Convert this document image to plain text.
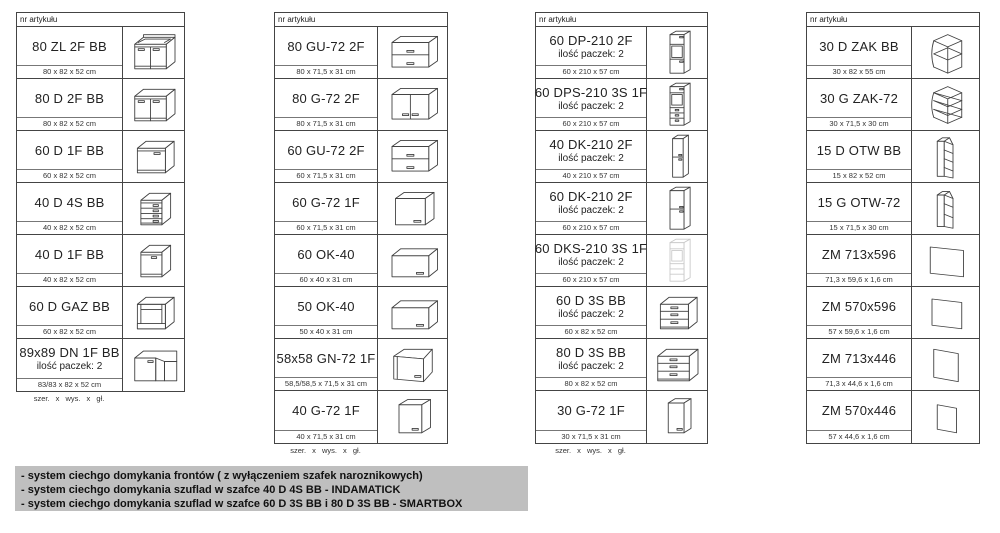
- system ciechgo domykania frontów ( z wyłączeniem szafek naroznikowych)
- system ciechgo domykania szuflad w szafce 40 D 4S BB - INDAMATICK
- system ciechgo domykania szuflad w szafce 60 D 3S BB i 80 D 3S BB - SMARTBOX
nr artykułu
80 ZL 2F BB
80 x 82 x 52 cm
80 D 2F BB
80 x 82 x 52 cm
60 D 1F BB
60 x 82 x 52 cm
40 D 4S BB
40 x 82 x 52 cm
40 D 1F BB
40 x 82 x 52 cm
60 D GAZ BB
60 x 82 x 52 cm
89x89 DN 1F BB
ilość paczek: 2
83/83 x 82 x 52 cm
szer. x wys. x gł.
nr artykułu
80 GU-72 2F
80 x 71,5 x 31 cm
80 G-72 2F
80 x 71,5 x 31 cm
60 GU-72 2F
60 x 71,5 x 31 cm
60 G-72 1F
60 x 71,5 x 31 cm
60 OK-40
60 x 40 x 31 cm
50 OK-40
50 x 40 x 31 cm
58x58 GN-72 1F
58,5/58,5 x 71,5 x 31 cm
40 G-72 1F
40 x 71,5 x 31 cm
szer. x wys. x gł.
nr artykułu
60 DP-210 2F
ilość paczek: 2
60 x 210 x 57 cm
60 DPS-210 3S 1F
ilość paczek: 2
60 x 210 x 57 cm
40 DK-210 2F
ilość paczek: 2
40 x 210 x 57 cm
60 DK-210 2F
ilość paczek: 2
60 x 210 x 57 cm
60 DKS-210 3S 1F
ilość paczek: 2
60 x 210 x 57 cm
60 D 3S BB
ilość paczek: 2
60 x 82 x 52 cm
80 D 3S BB
ilość paczek: 2
80 x 82 x 52 cm
30 G-72 1F
30 x 71,5 x 31 cm
szer. x wys. x gł.
nr artykułu
30 D ZAK BB
30 x 82 x 55 cm
30 G ZAK-72
30 x 71,5 x 30 cm
15 D OTW BB
15 x 82 x 52 cm
15 G OTW-72
15 x 71,5 x 30 cm
ZM 713x596
71,3 x 59,6 x 1,6 cm
ZM 570x596
57 x 59,6 x 1,6 cm
ZM 713x446
71,3 x 44,6 x 1,6 cm
ZM 570x446
57 x 44,6 x 1,6 cm
